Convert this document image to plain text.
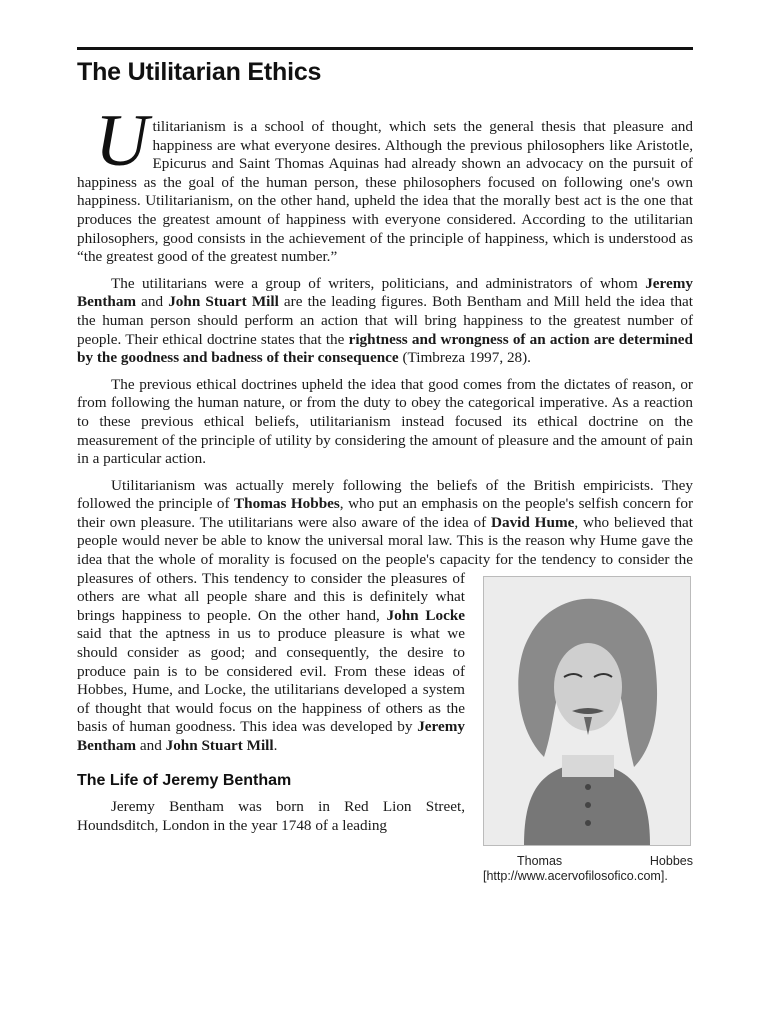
The Utilitarian Ethics

Utilitarianism is a school of thought, which sets the general thesis that pleasure and happiness are what everyone desires. Although the previous philosophers like Aristotle, Epicurus and Saint Thomas Aquinas had already shown an advocacy on the pursuit of happiness as the goal of the human person, these philosophers focused on following one's own happiness. Utilitarianism, on the other hand, upheld the idea that the morally best act is the one that produces the greatest amount of happiness with everyone considered. According to the utilitarian philosophers, good consists in the achievement of the principle of happiness, which is understood as “the greatest good of the greatest number.”

The utilitarians were a group of writers, politicians, and administrators of whom Jeremy Bentham and John Stuart Mill are the leading figures. Both Bentham and Mill held the idea that the human person should perform an action that will bring happiness to the greatest number of people. Their ethical doctrine states that the rightness and wrongness of an action are determined by the goodness and badness of their consequence (Timbreza 1997, 28).

The previous ethical doctrines upheld the idea that good comes from the dictates of reason, or from following the human nature, or from the duty to obey the categorical imperative. As a reaction to these previous ethical beliefs, utilitarianism instead focused its ethical doctrine on the measurement of the principle of utility by considering the amount of pleasure and the amount of pain in a particular action.

Utilitarianism was actually merely following the beliefs of the British empiricists. They followed the principle of Thomas Hobbes, who put an emphasis on the people's selfish concern for their own pleasure. The utilitarians were also aware of the idea of David Hume, who believed that people would never be able to know the universal moral law. This is the reason why Hume gave the idea that the whole of morality is focused on the people's capacity for
Thomas Hobbes [http://www.acervofilosofico.com].
the tendency to consider the pleasures of others. This tendency to consider the pleasures of others are what all people share and this is definitely what brings happiness to people. On the other hand, John Locke said that the aptness in us to produce pleasure is what we should consider as good; and consequently, the desire to produce pain is to be considered evil. From these ideas of Hobbes, Hume, and Locke, the utilitarians developed a system of thought that would focus on the happiness of others as the basis of human goodness. This idea was developed by Jeremy Bentham and John Stuart Mill.

The Life of Jeremy Bentham

Jeremy Bentham was born in Red Lion Street, Houndsditch, London in the year 1748 of a leading
